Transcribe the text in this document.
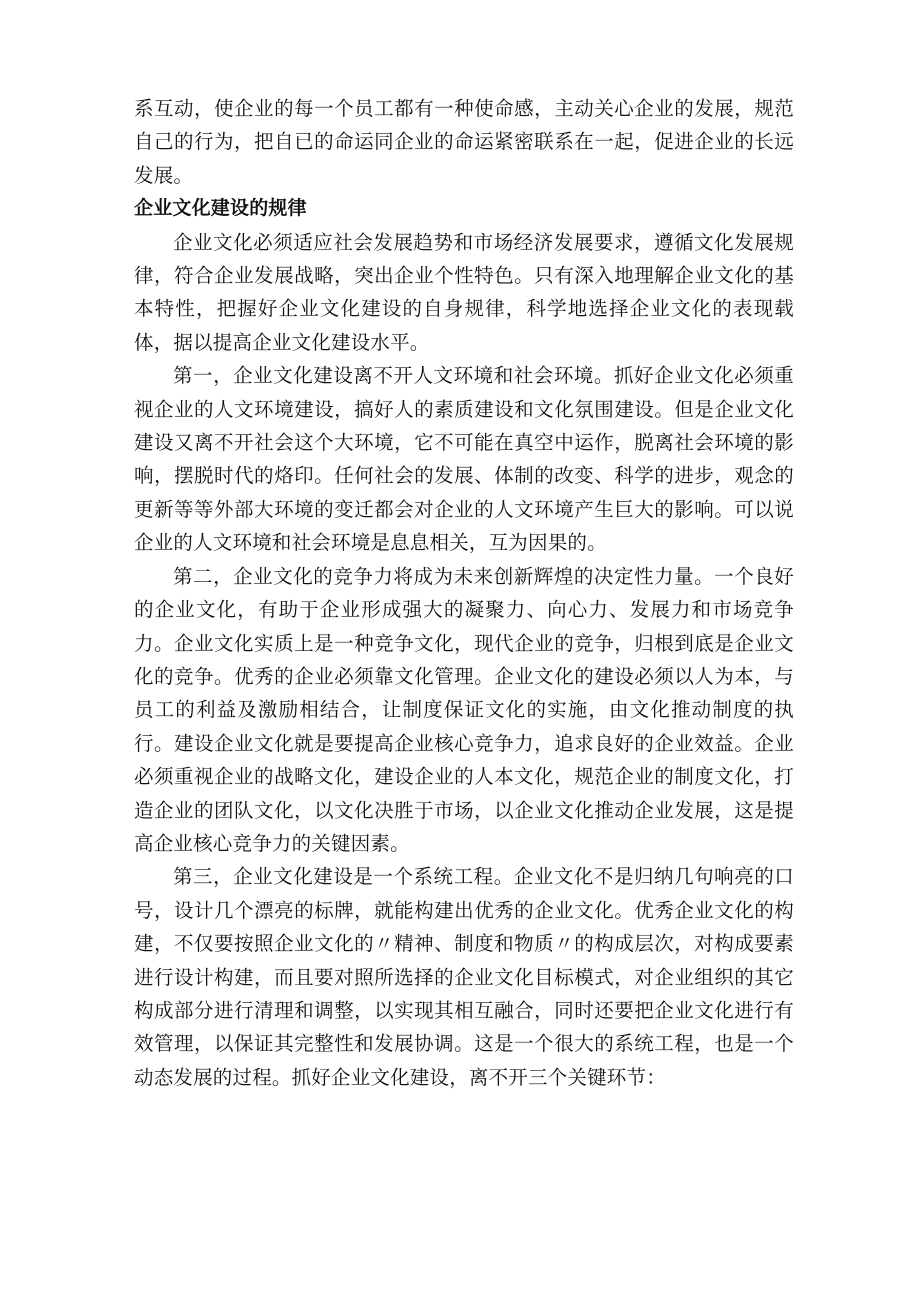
系互动，使企业的每一个员工都有一种使命感，主动关心企业的发展，规范自己的行为，把自已的命运同企业的命运紧密联系在一起，促进企业的长远发展。

企业文化建设的规律

企业文化必须适应社会发展趋势和市场经济发展要求，遵循文化发展规律，符合企业发展战略，突出企业个性特色。只有深入地理解企业文化的基本特性，把握好企业文化建设的自身规律，科学地选择企业文化的表现载体，据以提高企业文化建设水平。

第一，企业文化建设离不开人文环境和社会环境。抓好企业文化必须重视企业的人文环境建设，搞好人的素质建设和文化氛围建设。但是企业文化建设又离不开社会这个大环境，它不可能在真空中运作，脱离社会环境的影响，摆脱时代的烙印。任何社会的发展、体制的改变、科学的进步，观念的更新等等外部大环境的变迁都会对企业的人文环境产生巨大的影响。可以说企业的人文环境和社会环境是息息相关，互为因果的。

第二，企业文化的竞争力将成为未来创新辉煌的决定性力量。一个良好的企业文化，有助于企业形成强大的凝聚力、向心力、发展力和市场竞争力。企业文化实质上是一种竞争文化，现代企业的竞争，归根到底是企业文化的竞争。优秀的企业必须靠文化管理。企业文化的建设必须以人为本，与员工的利益及激励相结合，让制度保证文化的实施，由文化推动制度的执行。建设企业文化就是要提高企业核心竞争力，追求良好的企业效益。企业必须重视企业的战略文化，建设企业的人本文化，规范企业的制度文化，打造企业的团队文化，以文化决胜于市场，以企业文化推动企业发展，这是提高企业核心竞争力的关键因素。

第三，企业文化建设是一个系统工程。企业文化不是归纳几句响亮的口号，设计几个漂亮的标牌，就能构建出优秀的企业文化。优秀企业文化的构建，不仅要按照企业文化的〃精神、制度和物质〃的构成层次，对构成要素进行设计构建，而且要对照所选择的企业文化目标模式，对企业组织的其它构成部分进行清理和调整，以实现其相互融合，同时还要把企业文化进行有效管理，以保证其完整性和发展协调。这是一个很大的系统工程，也是一个动态发展的过程。抓好企业文化建设，离不开三个关键环节：
